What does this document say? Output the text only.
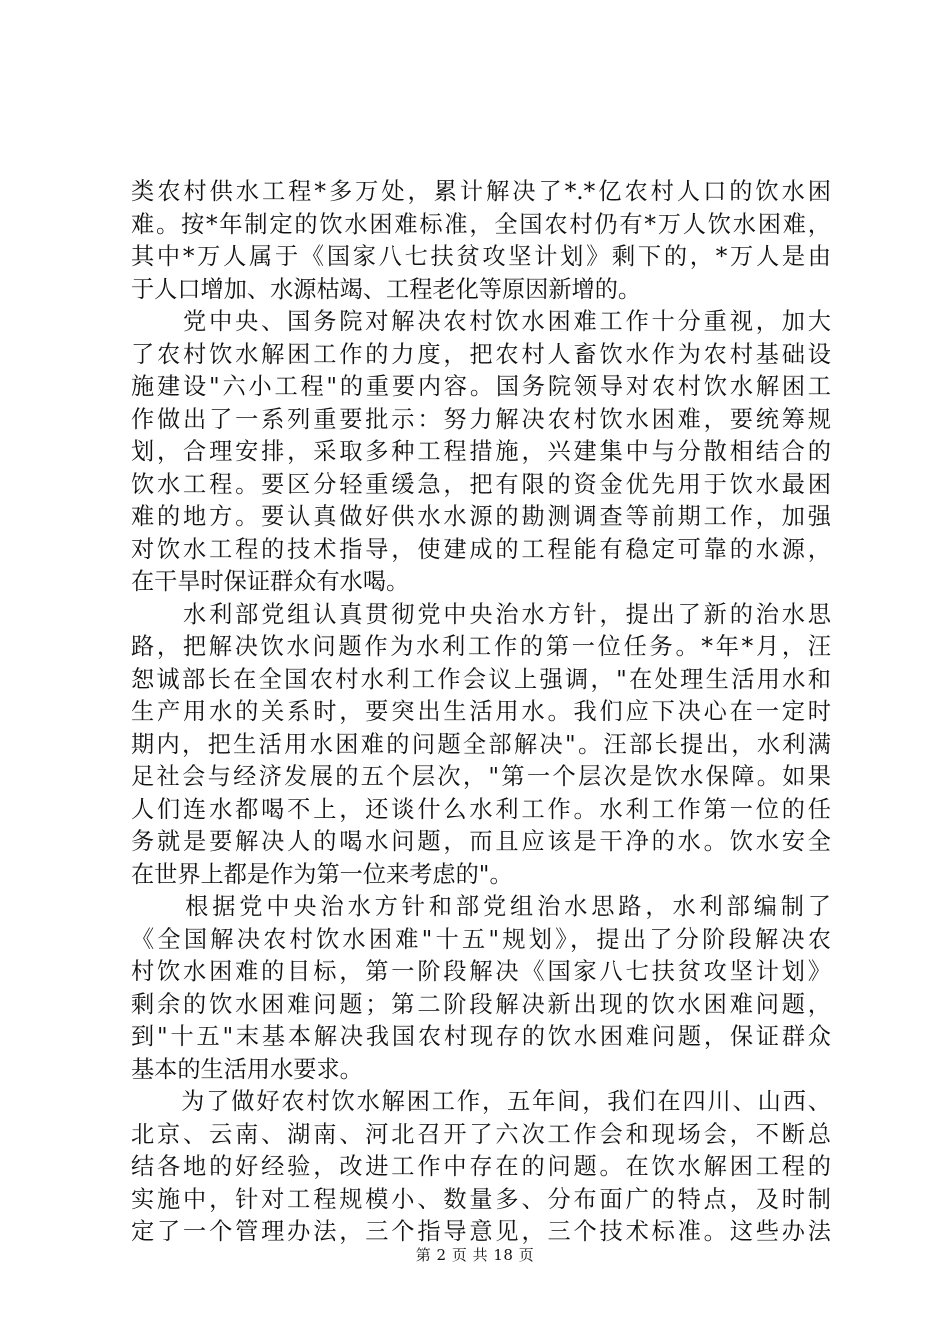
类农村供水工程*多万处，累计解决了*.*亿农村人口的饮水困
难。按*年制定的饮水困难标准，全国农村仍有*万人饮水困难，
其中*万人属于《国家八七扶贫攻坚计划》剩下的，*万人是由
于人口增加、水源枯竭、工程老化等原因新增的。
　　党中央、国务院对解决农村饮水困难工作十分重视，加大
了农村饮水解困工作的力度，把农村人畜饮水作为农村基础设
施建设"六小工程"的重要内容。国务院领导对农村饮水解困工
作做出了一系列重要批示：努力解决农村饮水困难，要统筹规
划，合理安排，采取多种工程措施，兴建集中与分散相结合的
饮水工程。要区分轻重缓急，把有限的资金优先用于饮水最困
难的地方。要认真做好供水水源的勘测调查等前期工作，加强
对饮水工程的技术指导，使建成的工程能有稳定可靠的水源，
在干旱时保证群众有水喝。
　　水利部党组认真贯彻党中央治水方针，提出了新的治水思
路，把解决饮水问题作为水利工作的第一位任务。*年*月，汪
恕诚部长在全国农村水利工作会议上强调，"在处理生活用水和
生产用水的关系时，要突出生活用水。我们应下决心在一定时
期内，把生活用水困难的问题全部解决"。汪部长提出，水利满
足社会与经济发展的五个层次，"第一个层次是饮水保障。如果
人们连水都喝不上，还谈什么水利工作。水利工作第一位的任
务就是要解决人的喝水问题，而且应该是干净的水。饮水安全
在世界上都是作为第一位来考虑的"。
　　根据党中央治水方针和部党组治水思路，水利部编制了
《全国解决农村饮水困难"十五"规划》，提出了分阶段解决农
村饮水困难的目标，第一阶段解决《国家八七扶贫攻坚计划》
剩余的饮水困难问题；第二阶段解决新出现的饮水困难问题，
到"十五"末基本解决我国农村现存的饮水困难问题，保证群众
基本的生活用水要求。
　　为了做好农村饮水解困工作，五年间，我们在四川、山西、
北京、云南、湖南、河北召开了六次工作会和现场会，不断总
结各地的好经验，改进工作中存在的问题。在饮水解困工程的
实施中，针对工程规模小、数量多、分布面广的特点，及时制
定了一个管理办法，三个指导意见，三个技术标准。这些办法
第 2 页 共 18 页
